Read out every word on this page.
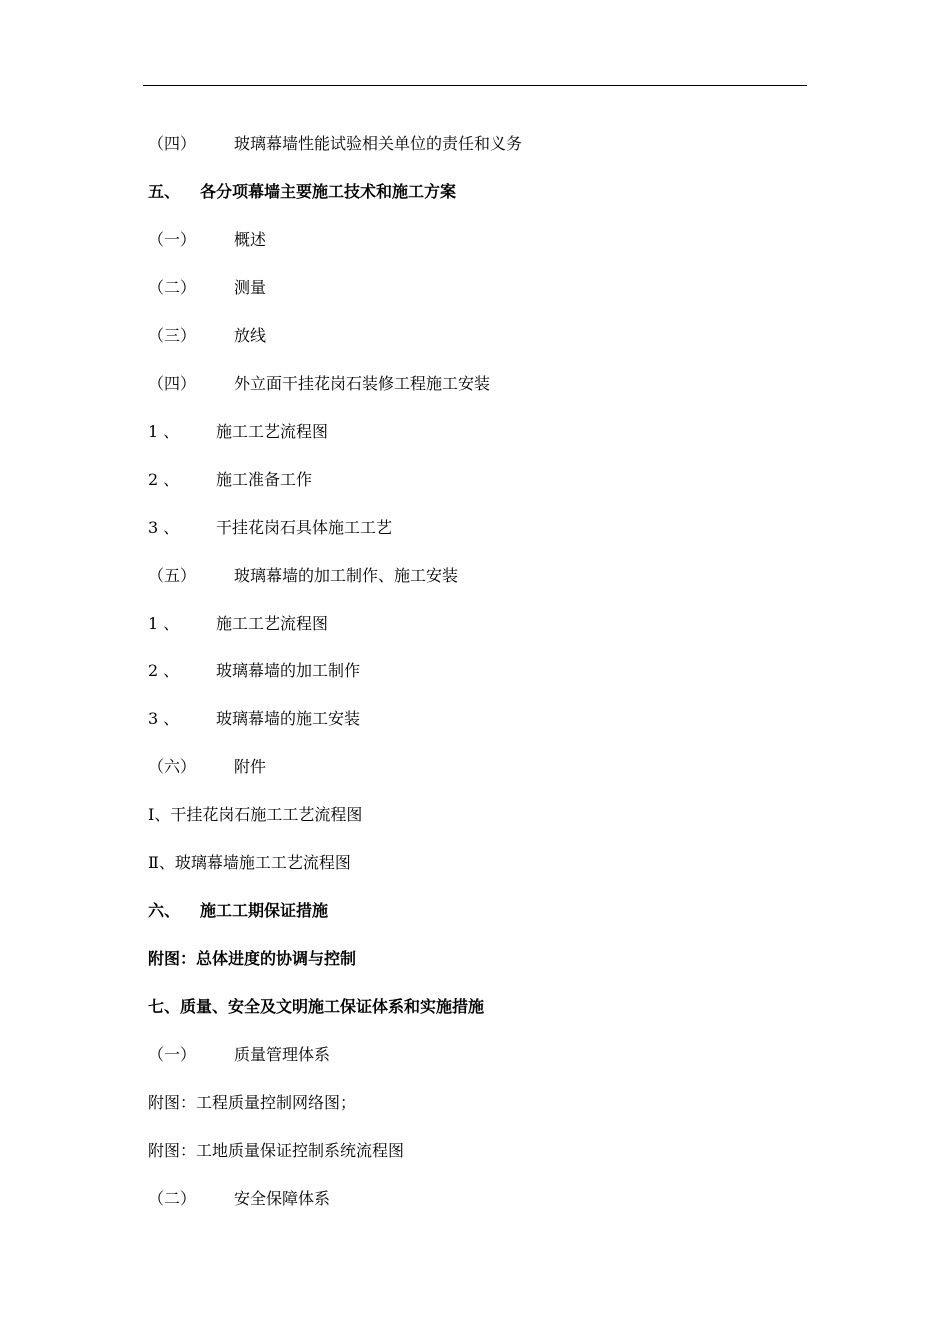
（四） 玻璃幕墙性能试验相关单位的责任和义务
五、 各分项幕墙主要施工技术和施工方案
（一） 概述
（二） 测量
（三） 放线
（四） 外立面干挂花岗石装修工程施工安装
1 、 施工工艺流程图
2 、 施工准备工作
3 、 干挂花岗石具体施工工艺
（五） 玻璃幕墙的加工制作、施工安装
1 、 施工工艺流程图
2 、 玻璃幕墙的加工制作
3 、 玻璃幕墙的施工安装
（六） 附件
Ⅰ、干挂花岗石施工工艺流程图
Ⅱ、玻璃幕墙施工工艺流程图
六、 施工工期保证措施
附图：总体进度的协调与控制
七、质量、安全及文明施工保证体系和实施措施
（一） 质量管理体系
附图：工程质量控制网络图；
附图：工地质量保证控制系统流程图
（二） 安全保障体系
